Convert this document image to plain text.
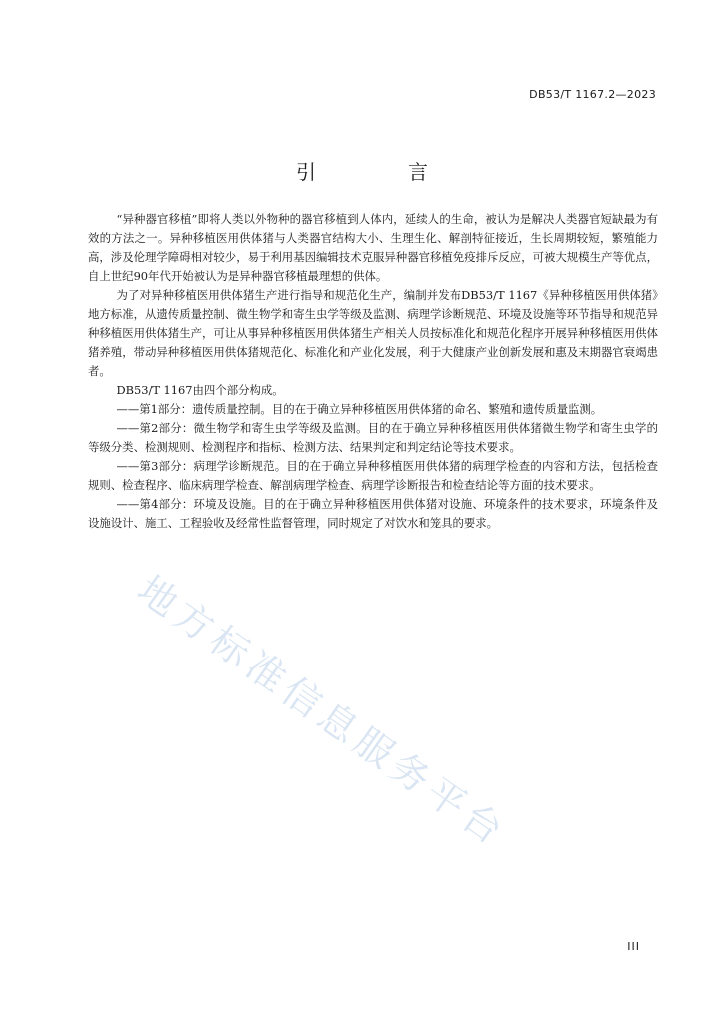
DB53/T 1167.2—2023
引　言

“异种器官移植”即将人类以外物种的器官移植到人体内，延续人的生命，被认为是解决人类器官短缺最为有效的方法之一。异种移植医用供体猪与人类器官结构大小、生理生化、解剖特征接近，生长周期较短，繁殖能力高，涉及伦理学障碍相对较少，易于利用基因编辑技术克服异种器官移植免疫排斥反应，可被大规模生产等优点，自上世纪90年代开始被认为是异种器官移植最理想的供体。

为了对异种移植医用供体猪生产进行指导和规范化生产，编制并发布DB53/T 1167《异种移植医用供体猪》地方标准，从遗传质量控制、微生物学和寄生虫学等级及监测、病理学诊断规范、环境及设施等环节指导和规范异种移植医用供体猪生产，可让从事异种移植医用供体猪生产相关人员按标准化和规范化程序开展异种移植医用供体猪养殖，带动异种移植医用供体猪规范化、标准化和产业化发展，利于大健康产业创新发展和惠及末期器官衰竭患者。

DB53/T 1167由四个部分构成。

——第1部分：遗传质量控制。目的在于确立异种移植医用供体猪的命名、繁殖和遗传质量监测。

——第2部分：微生物学和寄生虫学等级及监测。目的在于确立异种移植医用供体猪微生物学和寄生虫学的等级分类、检测规则、检测程序和指标、检测方法、结果判定和判定结论等技术要求。

——第3部分：病理学诊断规范。目的在于确立异种移植医用供体猪的病理学检查的内容和方法，包括检查规则、检查程序、临床病理学检查、解剖病理学检查、病理学诊断报告和检查结论等方面的技术要求。

——第4部分：环境及设施。目的在于确立异种移植医用供体猪对设施、环境条件的技术要求，环境条件及设施设计、施工、工程验收及经常性监督管理，同时规定了对饮水和笼具的要求。

地方标准信息服务平台
III
